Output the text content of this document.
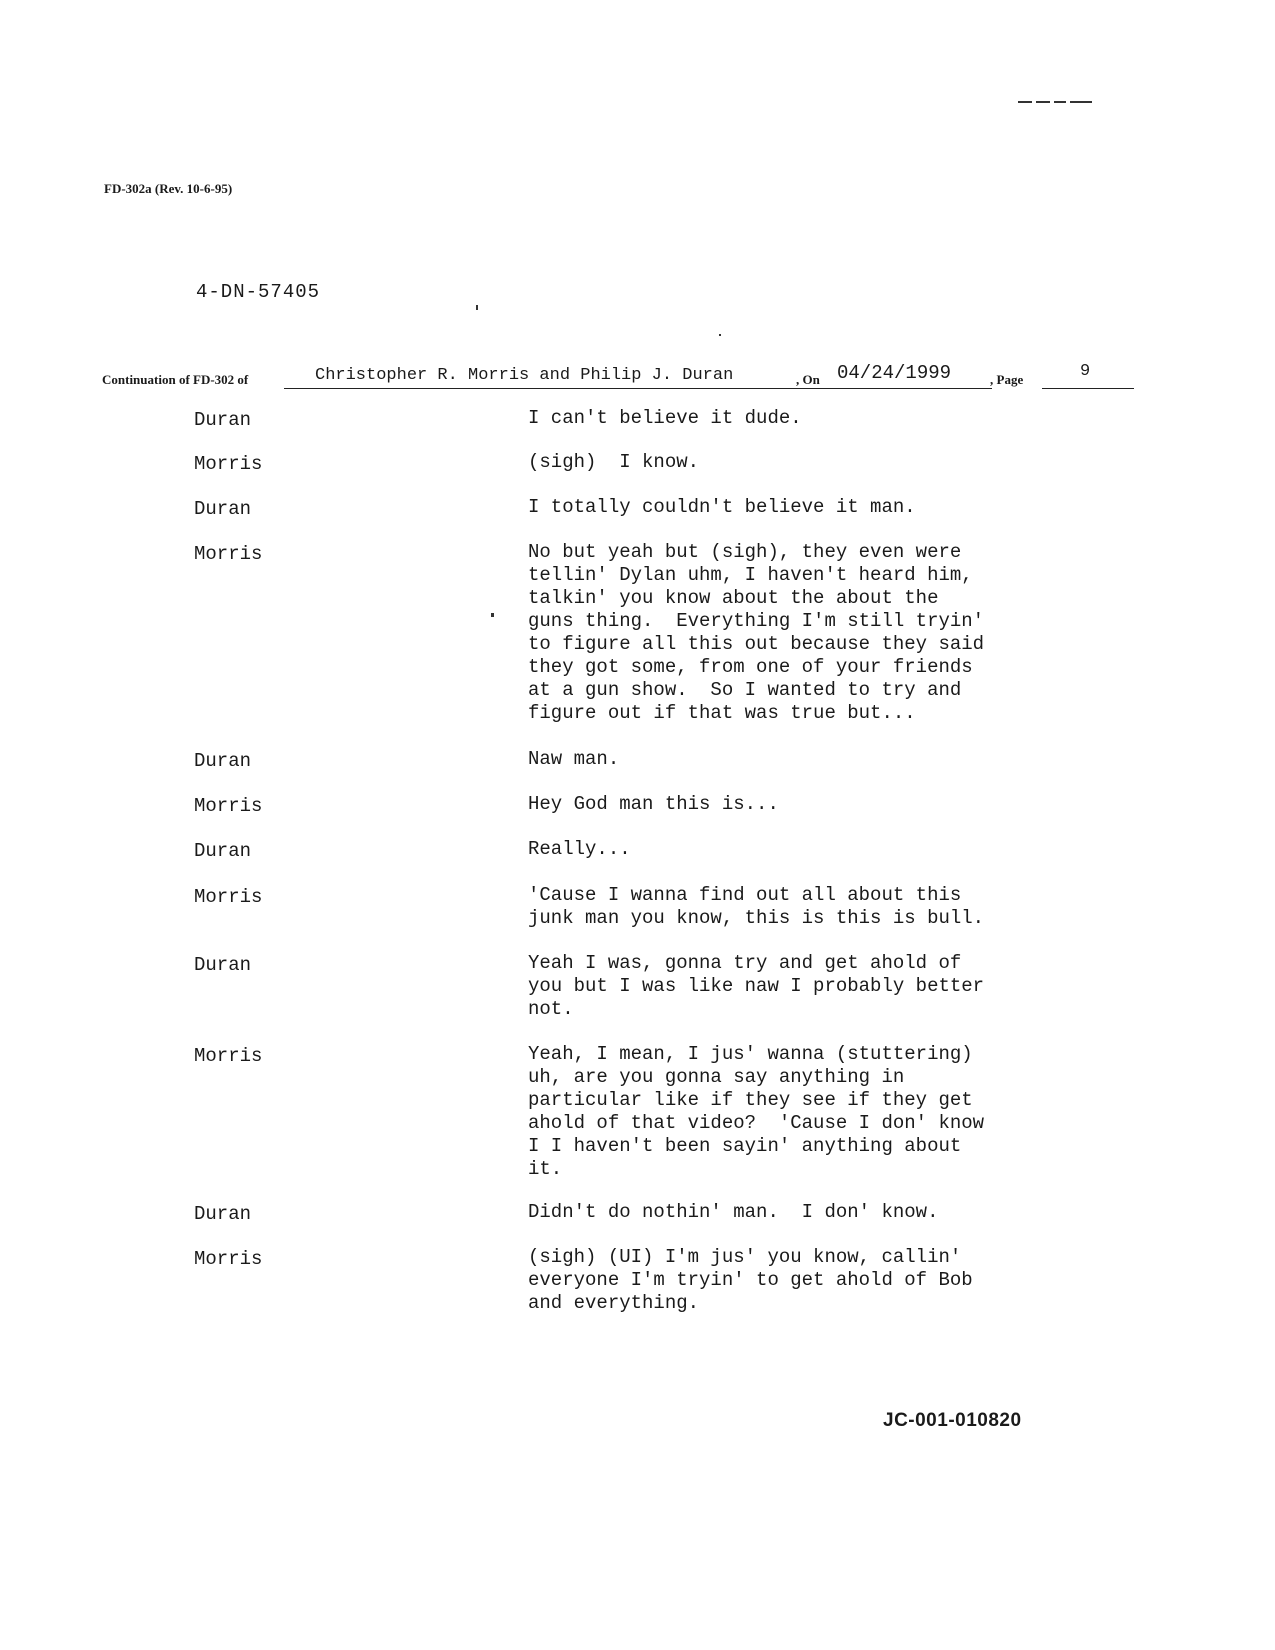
FD-302a (Rev. 10-6-95)
4-DN-57405
Continuation of FD-302 of	Christopher R. Morris and Philip J. Duran	, On 04/24/1999	, Page	9
Duran	I can't believe it dude.
Morris	(sigh)  I know.
Duran	I totally couldn't believe it man.
Morris	No but yeah but (sigh), they even were
tellin' Dylan uhm, I haven't heard him,
talkin' you know about the about the
guns thing.  Everything I'm still tryin'
to figure all this out because they said
they got some, from one of your friends
at a gun show.  So I wanted to try and
figure out if that was true but...
Duran	Naw man.
Morris	Hey God man this is...
Duran	Really...
Morris	'Cause I wanna find out all about this
junk man you know, this is this is bull.
Duran	Yeah I was, gonna try and get ahold of
you but I was like naw I probably better
not.
Morris	Yeah, I mean, I jus' wanna (stuttering)
uh, are you gonna say anything in
particular like if they see if they get
ahold of that video?  'Cause I don' know
I I haven't been sayin' anything about
it.
Duran	Didn't do nothin' man.  I don' know.
Morris	(sigh) (UI) I'm jus' you know, callin'
everyone I'm tryin' to get ahold of Bob
and everything.
JC-001-010820
